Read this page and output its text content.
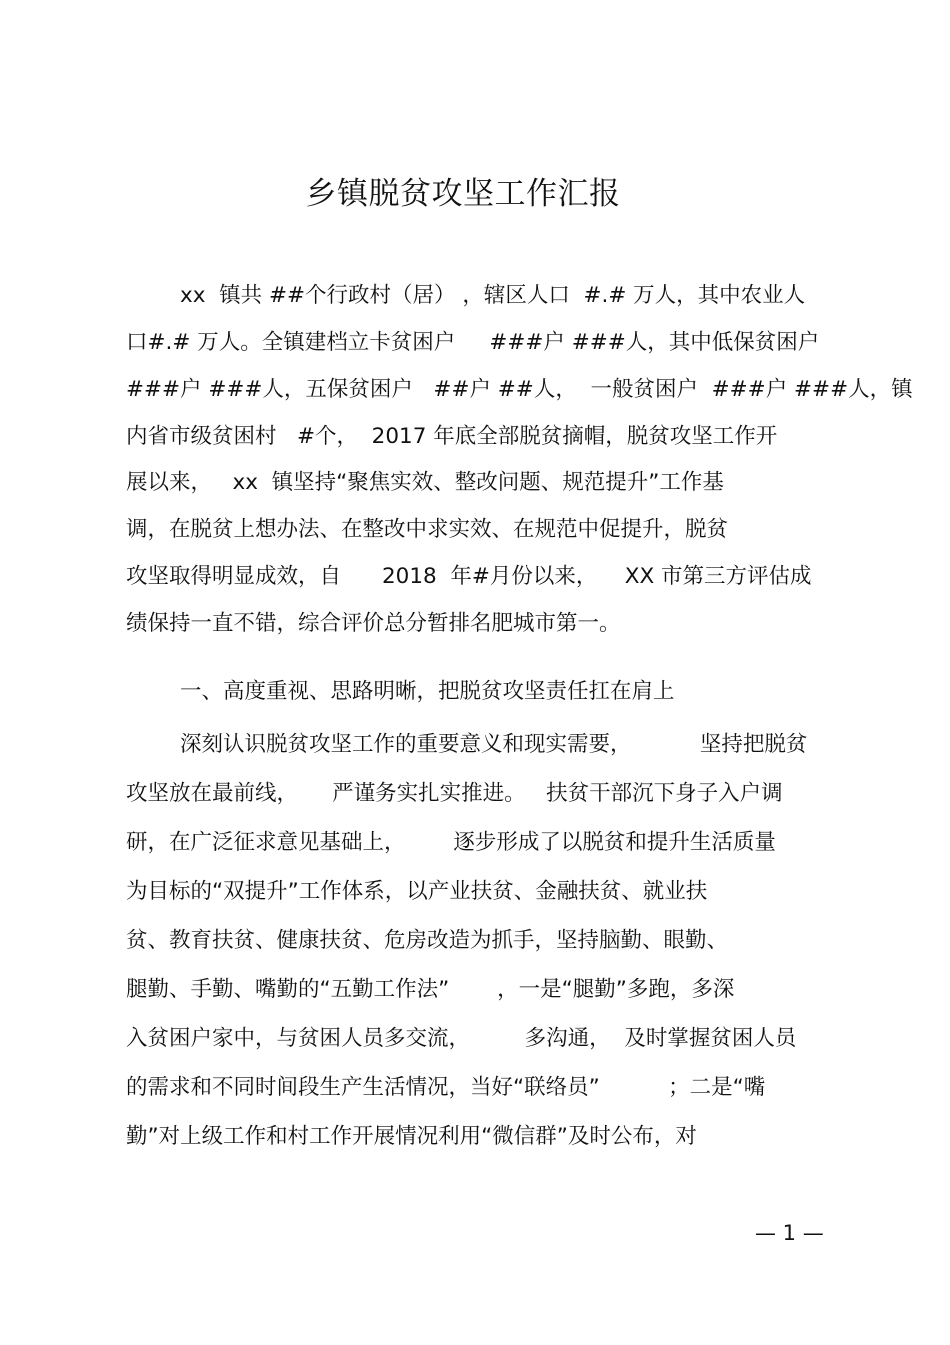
乡镇脱贫攻坚工作汇报
xx  镇共 ##个行政村（居） ，辖区人口  #.# 万人，其中农业人
口#.# 万人。全镇建档立卡贫困户     ###户 ###人，其中低保贫困户
###户 ###人，五保贫困户   ##户 ##人，  一般贫困户  ###户 ###人，镇
内省市级贫困村   #个，  2017 年底全部脱贫摘帽，脱贫攻坚工作开
展以来，   xx  镇坚持“聚焦实效、整改问题、规范提升”工作基
调，在脱贫上想办法、在整改中求实效、在规范中促提升，脱贫
攻坚取得明显成效，自      2018  年#月份以来，    XX 市第三方评估成
绩保持一直不错，综合评价总分暂排名肥城市第一。
一、高度重视、思路明晰，把脱贫攻坚责任扛在肩上
深刻认识脱贫攻坚工作的重要意义和现实需要，          坚持把脱贫
攻坚放在最前线，     严谨务实扎实推进。   扶贫干部沉下身子入户调
研，在广泛征求意见基础上，       逐步形成了以脱贫和提升生活质量
为目标的“双提升”工作体系，以产业扶贫、金融扶贫、就业扶
贫、教育扶贫、健康扶贫、危房改造为抓手，坚持脑勤、眼勤、
腿勤、手勤、嘴勤的“五勤工作法”       ，一是“腿勤”多跑，多深
入贫困户家中，与贫困人员多交流，        多沟通，  及时掌握贫困人员
的需求和不同时间段生产生活情况，当好“联络员”          ；二是“嘴
勤”对上级工作和村工作开展情况利用“微信群”及时公布，对
— 1 —
